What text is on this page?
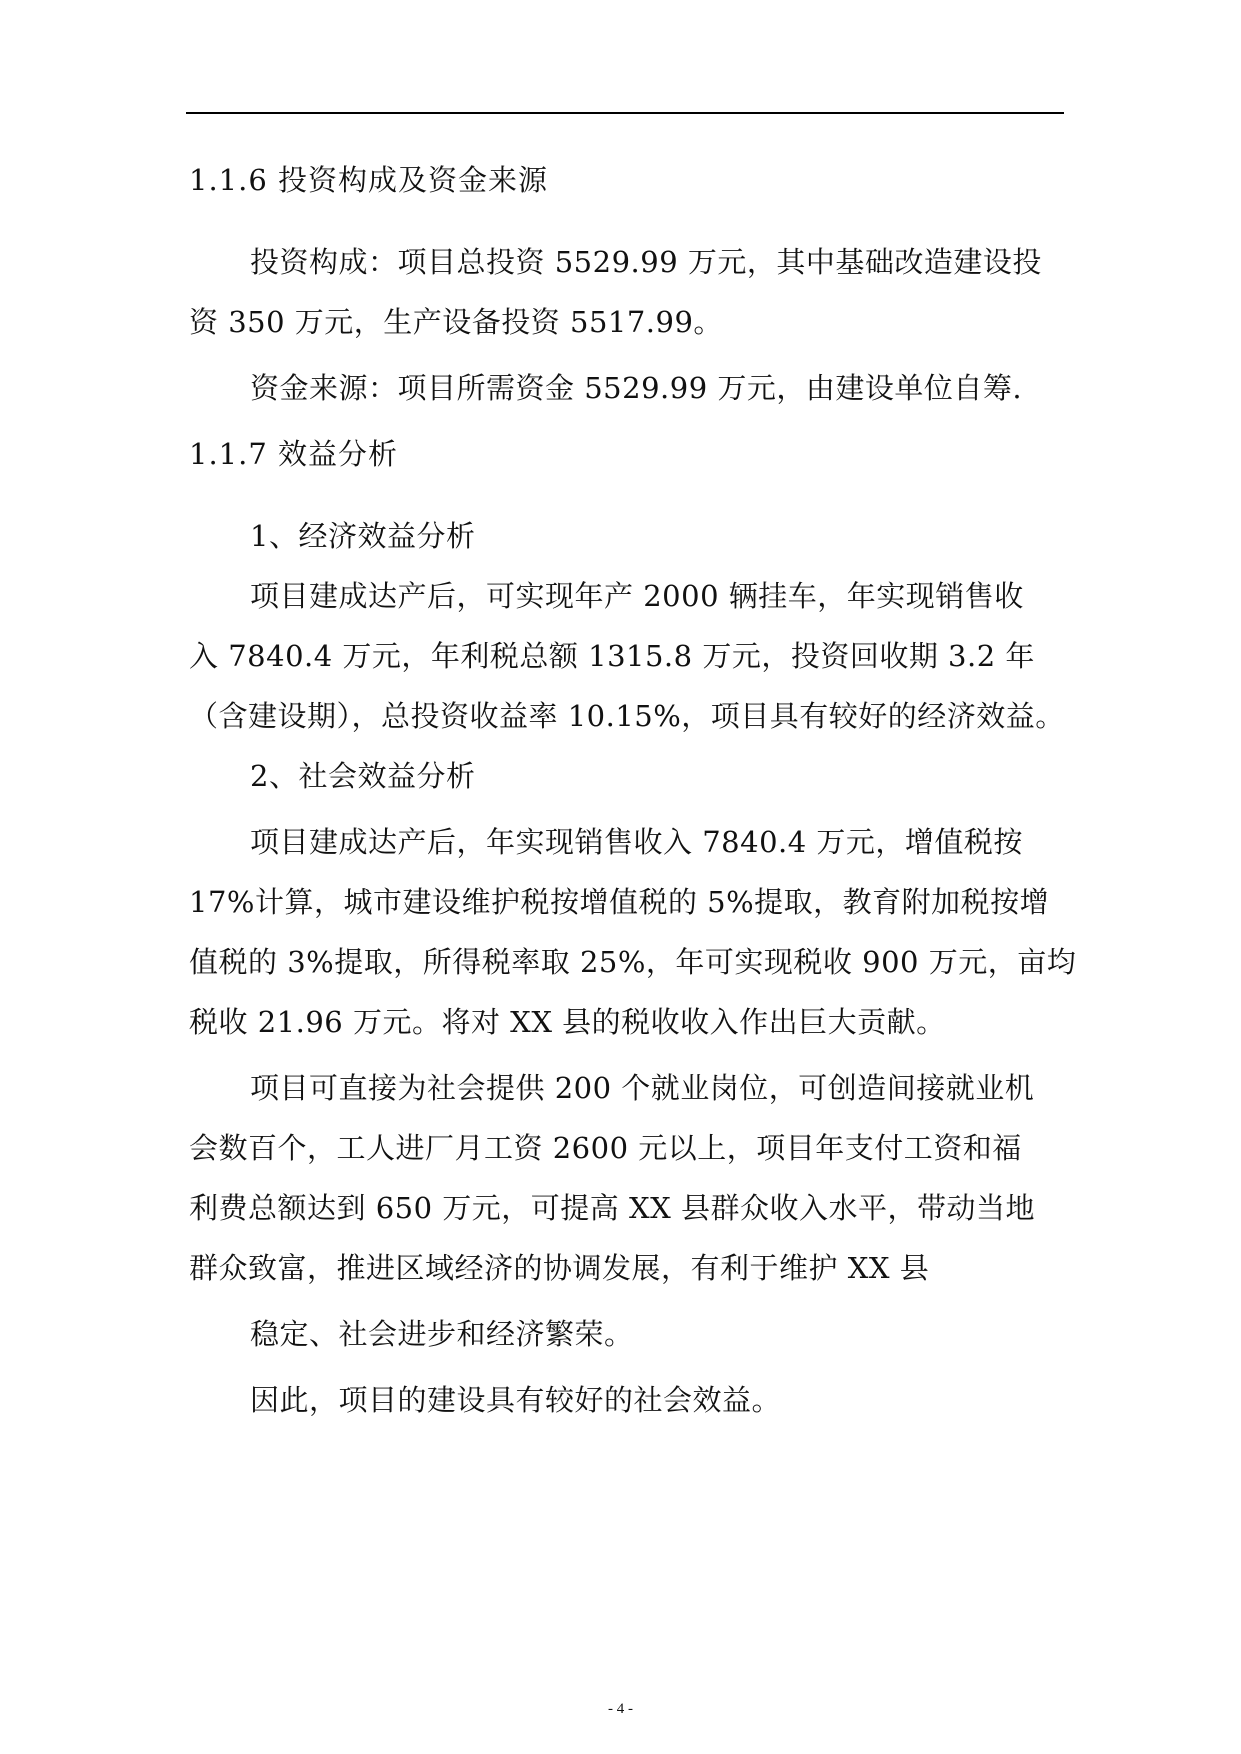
1.1.6 投资构成及资金来源
投资构成：项目总投资 5529.99 万元，其中基础改造建设投
资 350 万元，生产设备投资 5517.99。
资金来源：项目所需资金 5529.99 万元，由建设单位自筹.
1.1.7 效益分析
1、经济效益分析
项目建成达产后，可实现年产 2000 辆挂车，年实现销售收
入 7840.4 万元，年利税总额 1315.8 万元，投资回收期 3.2 年
（含建设期），总投资收益率 10.15%，项目具有较好的经济效益。
2、社会效益分析
项目建成达产后，年实现销售收入 7840.4 万元，增值税按
17%计算，城市建设维护税按增值税的 5%提取，教育附加税按增
值税的 3%提取，所得税率取 25%，年可实现税收 900 万元，亩均
税收 21.96 万元。将对 XX 县的税收收入作出巨大贡献。
项目可直接为社会提供 200 个就业岗位，可创造间接就业机
会数百个，工人进厂月工资 2600 元以上，项目年支付工资和福
利费总额达到 650 万元，可提高 XX 县群众收入水平，带动当地
群众致富，推进区域经济的协调发展，有利于维护 XX 县
稳定、社会进步和经济繁荣。
因此，项目的建设具有较好的社会效益。
- 4 -
